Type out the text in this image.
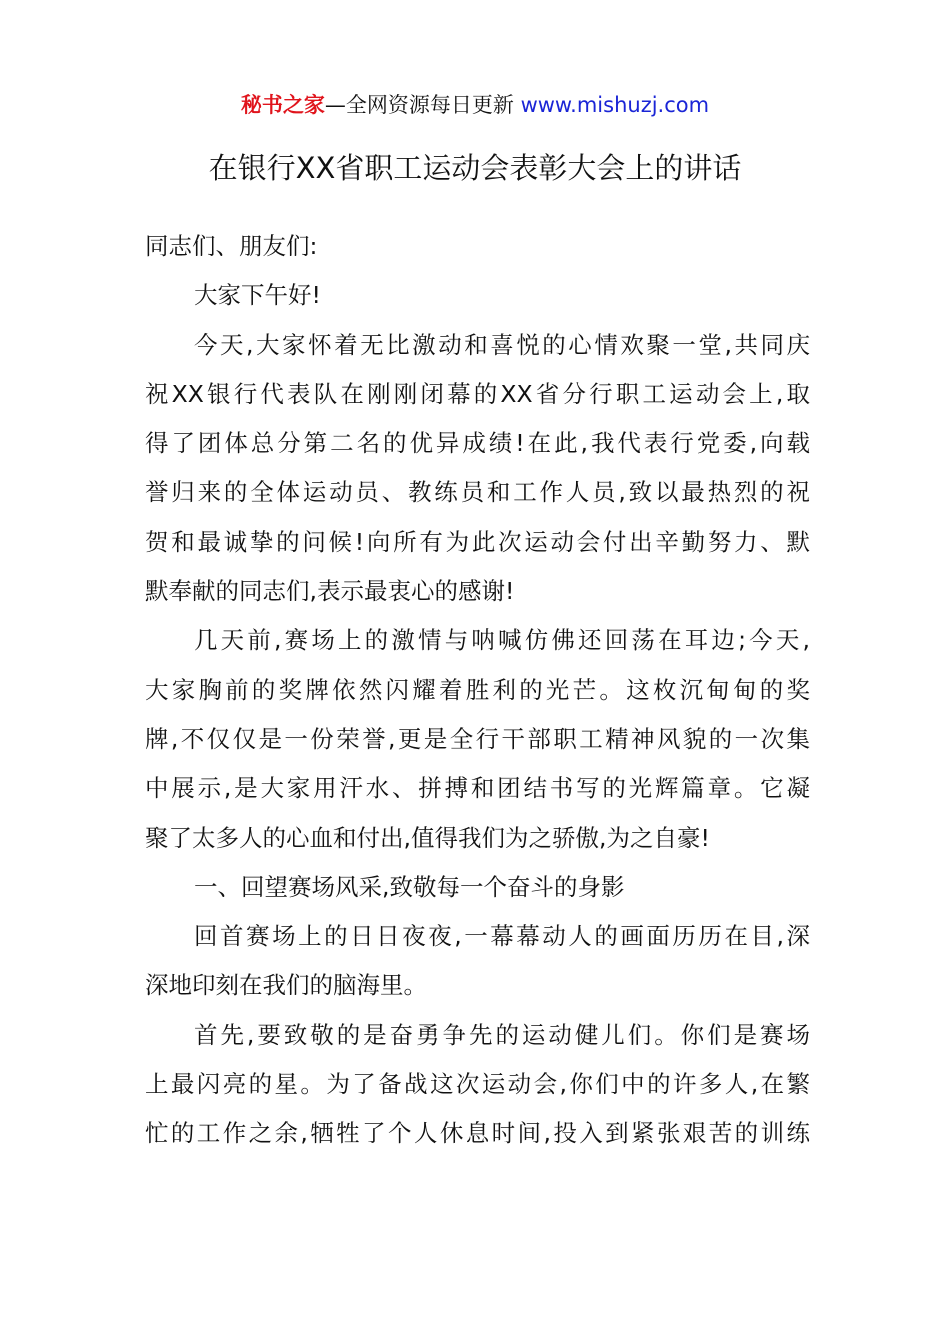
秘书之家—全网资源每日更新 www.mishuzj.com
在银行XX省职工运动会表彰大会上的讲话
同志们、朋友们:
大家下午好!
今天,大家怀着无比激动和喜悦的心情欢聚一堂,共同庆
祝XX银行代表队在刚刚闭幕的XX省分行职工运动会上,取
得了团体总分第二名的优异成绩!在此,我代表行党委,向载
誉归来的全体运动员、教练员和工作人员,致以最热烈的祝
贺和最诚挚的问候!向所有为此次运动会付出辛勤努力、默
默奉献的同志们,表示最衷心的感谢!
几天前,赛场上的激情与呐喊仿佛还回荡在耳边;今天,
大家胸前的奖牌依然闪耀着胜利的光芒。这枚沉甸甸的奖
牌,不仅仅是一份荣誉,更是全行干部职工精神风貌的一次集
中展示,是大家用汗水、拼搏和团结书写的光辉篇章。它凝
聚了太多人的心血和付出,值得我们为之骄傲,为之自豪!
一、回望赛场风采,致敬每一个奋斗的身影
回首赛场上的日日夜夜,一幕幕动人的画面历历在目,深
深地印刻在我们的脑海里。
首先,要致敬的是奋勇争先的运动健儿们。你们是赛场
上最闪亮的星。为了备战这次运动会,你们中的许多人,在繁
忙的工作之余,牺牲了个人休息时间,投入到紧张艰苦的训练
